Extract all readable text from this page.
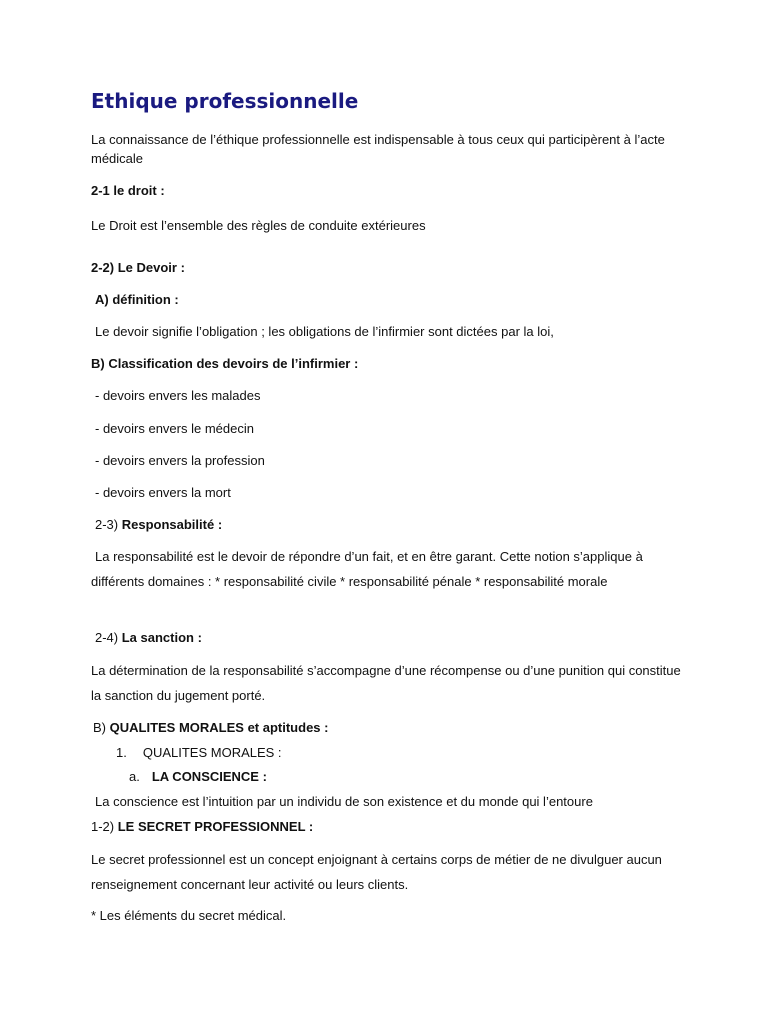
Ethique professionnelle
La connaissance de l’éthique professionnelle est indispensable à tous ceux qui participèrent à l’acte médicale
2-1 le droit :
Le Droit est l’ensemble des règles de conduite extérieures
2-2) Le Devoir :
A) définition :
Le devoir signifie l’obligation ; les obligations de l’infirmier sont dictées par la loi,
B) Classification des devoirs de l’infirmier :
- devoirs envers les malades
- devoirs envers le médecin
- devoirs envers la profession
- devoirs envers la mort
2-3) Responsabilité :
La responsabilité est le devoir de répondre d’un fait, et en être garant. Cette notion s’applique à différents domaines : * responsabilité civile * responsabilité pénale * responsabilité morale
2-4) La sanction :
La détermination de la responsabilité s’accompagne d’une récompense ou d’une punition qui constitue la sanction du jugement porté.
B) QUALITES MORALES et aptitudes :
1. QUALITES MORALES :
a. LA CONSCIENCE :
La conscience est l’intuition par un individu de son existence et du monde qui l’entoure
1-2) LE SECRET PROFESSIONNEL :
Le secret professionnel est un concept enjoignant à certains corps de métier de ne divulguer aucun renseignement concernant leur activité ou leurs clients.
* Les éléments du secret médical.
